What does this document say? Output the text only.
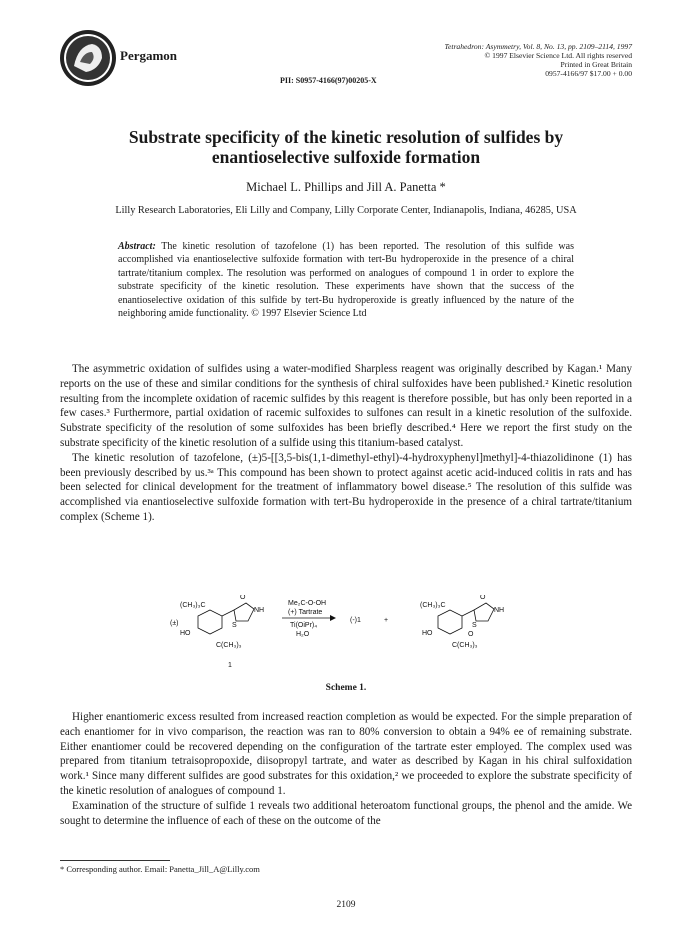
Pergamon
Tetrahedron: Asymmetry, Vol. 8, No. 13, pp. 2109–2114, 1997
© 1997 Elsevier Science Ltd. All rights reserved
Printed in Great Britain
0957-4166/97 $17.00 + 0.00
PII: S0957-4166(97)00205-X
Substrate specificity of the kinetic resolution of sulfides by
enantioselective sulfoxide formation
Michael L. Phillips and Jill A. Panetta *
Lilly Research Laboratories, Eli Lilly and Company, Lilly Corporate Center, Indianapolis, Indiana, 46285, USA
Abstract: The kinetic resolution of tazofelone (1) has been reported. The resolution of this sulfide was accomplished via enantioselective sulfoxide formation with tert-Bu hydroperoxide in the presence of a chiral tartrate/titanium complex. The resolution was performed on analogues of compound 1 in order to explore the substrate specificity of the kinetic resolution. These experiments have shown that the success of the enantioselective oxidation of this sulfide by tert-Bu hydroperoxide is greatly influenced by the nature of the neighboring amide functionality. © 1997 Elsevier Science Ltd

The asymmetric oxidation of sulfides using a water-modified Sharpless reagent was originally described by Kagan.¹ Many reports on the use of these and similar conditions for the synthesis of chiral sulfoxides have been published.² Kinetic resolution resulting from the incomplete oxidation of racemic sulfides by this reagent is therefore possible, but has only been reported in a few cases.³ Furthermore, partial oxidation of racemic sulfoxides to sulfones can result in a kinetic resolution of the sulfoxide. Substrate specificity of the resolution of some sulfoxides has been briefly described.⁴ Here we report the first study on the substrate specificity of the kinetic resolution of a sulfide using this titanium-based catalyst.

The kinetic resolution of tazofelone, (±)5-[[3,5-bis(1,1-dimethyl-ethyl)-4-hydroxyphenyl]methyl]-4-thiazolidinone (1) has been previously described by us.³ᵃ This compound has been shown to protect against acetic acid-induced colitis in rats and has been selected for clinical development for the treatment of inflammatory bowel disease.⁵ The resolution of this sulfide was accomplished via enantioselective sulfoxide formation with tert-Bu hydroperoxide in the presence of a chiral tartrate/titanium complex (Scheme 1).

(CH₃)₃C
(±)
HO
C(CH₃)₃
O
NH
S
1
Me₂C-O-OH
(+) Tartrate
Ti(OiPr)₄
H₂O
(-)1	+
(CH₃)₃C
HO
C(CH₃)₃
O
NH
S
O
Scheme 1.

Higher enantiomeric excess resulted from increased reaction completion as would be expected. For the simple preparation of each enantiomer for in vivo comparison, the reaction was ran to 80% conversion to obtain a 94% ee of remaining substrate. Either enantiomer could be recovered depending on the configuration of the tartrate ester employed. The complex used was prepared from titanium tetraisopropoxide, diisopropyl tartrate, and water as described by Kagan in his chiral sulfoxidation work.¹ Since many different sulfides are good substrates for this oxidation,² we proceeded to explore the substrate specificity of the kinetic resolution of analogues of compound 1.

Examination of the structure of sulfide 1 reveals two additional heteroatom functional groups, the phenol and the amide. We sought to determine the influence of each of these on the outcome of the

* Corresponding author. Email: Panetta_Jill_A@Lilly.com
2109
